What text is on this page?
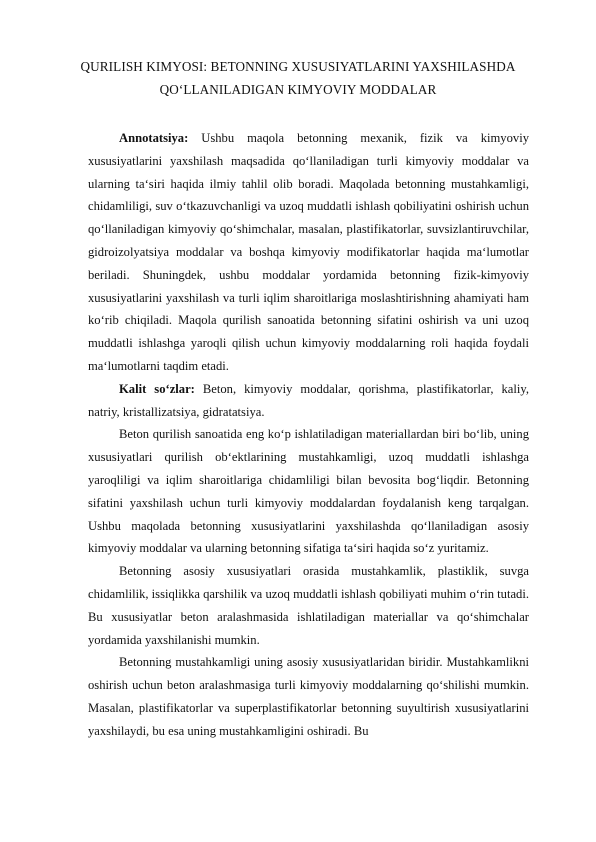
QURILISH KIMYOSI: BETONNING XUSUSIYATLARINI YAXSHILASHDA
QO‘LLANILADIGAN KIMYOVIY MODDALAR

Annotatsiya: Ushbu maqola betonning mexanik, fizik va kimyoviy xususiyatlarini yaxshilash maqsadida qo‘llaniladigan turli kimyoviy moddalar va ularning ta‘siri haqida ilmiy tahlil olib boradi. Maqolada betonning mustahkamligi, chidamliligi, suv o‘tkazuvchanligi va uzoq muddatli ishlash qobiliyatini oshirish uchun qo‘llaniladigan kimyoviy qo‘shimchalar, masalan, plastifikatorlar, suvsizlantiruvchilar, gidroizolyatsiya moddalar va boshqa kimyoviy modifikatorlar haqida ma‘lumotlar beriladi. Shuningdek, ushbu moddalar yordamida betonning fizik-kimyoviy xususiyatlarini yaxshilash va turli iqlim sharoitlariga moslashtirishning ahamiyati ham ko‘rib chiqiladi. Maqola qurilish sanoatida betonning sifatini oshirish va uni uzoq muddatli ishlashga yaroqli qilish uchun kimyoviy moddalarning roli haqida foydali ma‘lumotlarni taqdim etadi.

Kalit so‘zlar: Beton, kimyoviy moddalar, qorishma, plastifikatorlar, kaliy, natriy, kristallizatsiya, gidratatsiya.

Beton qurilish sanoatida eng ko‘p ishlatiladigan materiallardan biri bo‘lib, uning xususiyatlari qurilish ob‘ektlarining mustahkamligi, uzoq muddatli ishlashga yaroqliligi va iqlim sharoitlariga chidamliligi bilan bevosita bog‘liqdir. Betonning sifatini yaxshilash uchun turli kimyoviy moddalardan foydalanish keng tarqalgan. Ushbu maqolada betonning xususiyatlarini yaxshilashda qo‘llaniladigan asosiy kimyoviy moddalar va ularning betonning sifatiga ta‘siri haqida so‘z yuritamiz.

Betonning asosiy xususiyatlari orasida mustahkamlik, plastiklik, suvga chidamlilik, issiqlikka qarshilik va uzoq muddatli ishlash qobiliyati muhim o‘rin tutadi. Bu xususiyatlar beton aralashmasida ishlatiladigan materiallar va qo‘shimchalar yordamida yaxshilanishi mumkin.

Betonning mustahkamligi uning asosiy xususiyatlaridan biridir. Mustahkamlikni oshirish uchun beton aralashmasiga turli kimyoviy moddalarning qo‘shilishi mumkin. Masalan, plastifikatorlar va superplastifikatorlar betonning suyultirish xususiyatlarini yaxshilaydi, bu esa uning mustahkamligini oshiradi. Bu
